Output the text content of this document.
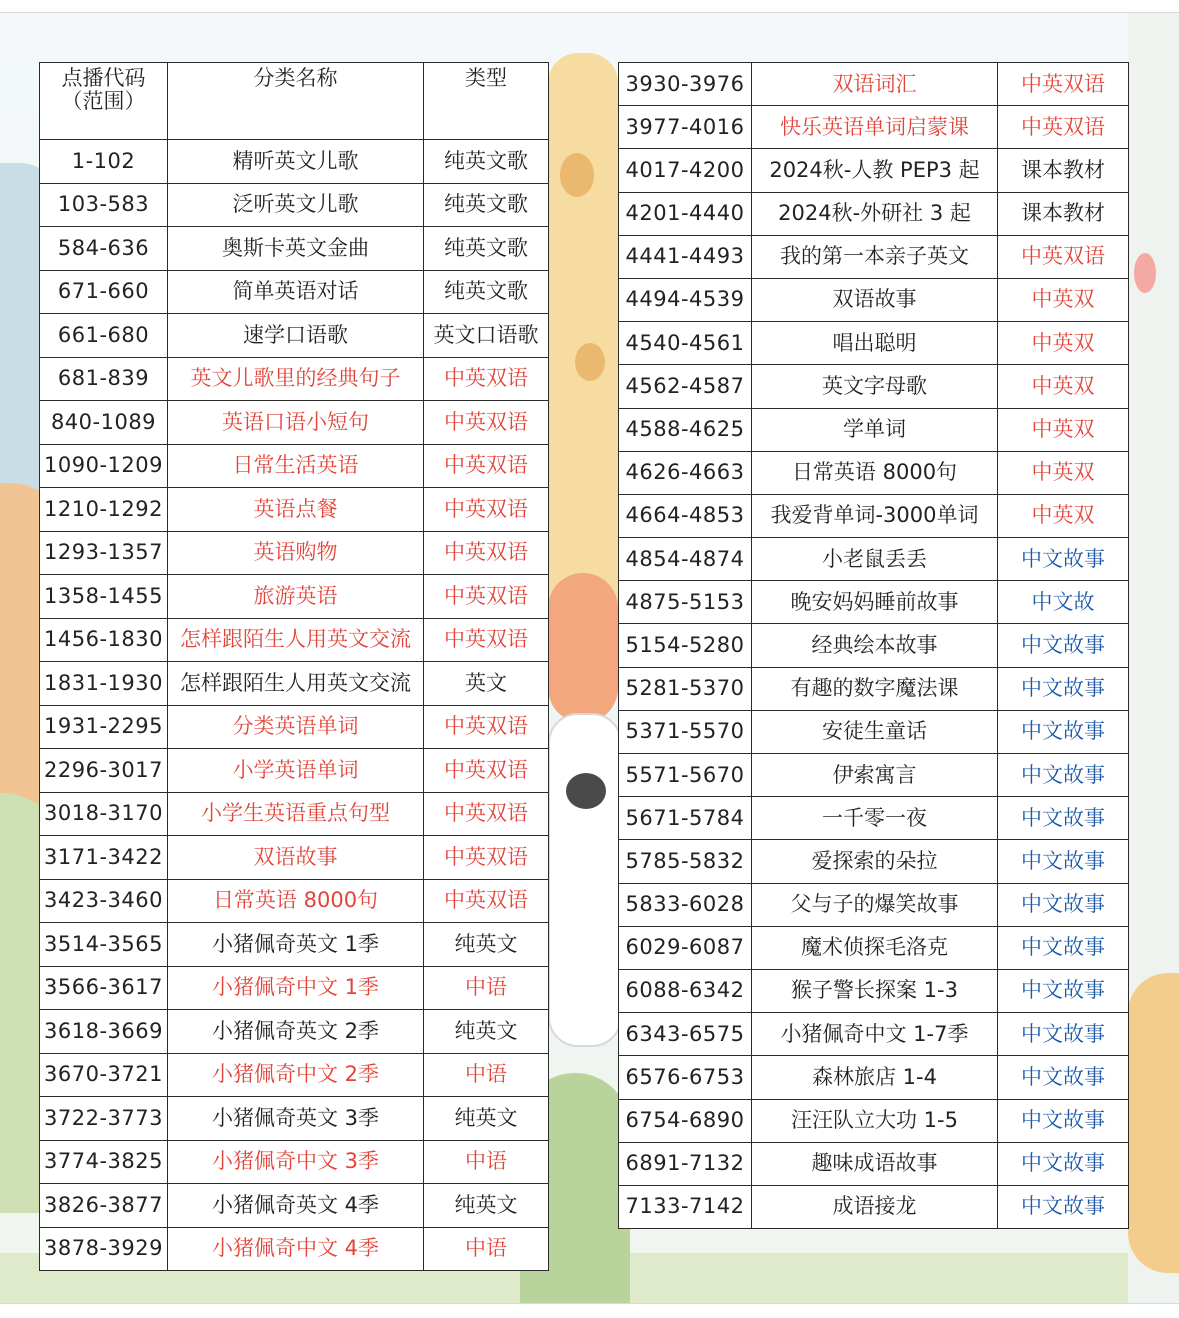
点播代码
（范围）	分类名称	类型
1-102	精听英文儿歌	纯英文歌
103-583	泛听英文儿歌	纯英文歌
584-636	奥斯卡英文金曲	纯英文歌
671-660	简单英语对话	纯英文歌
661-680	速学口语歌	英文口语歌
681-839	英文儿歌里的经典句子	中英双语
840-1089	英语口语小短句	中英双语
1090-1209	日常生活英语	中英双语
1210-1292	英语点餐	中英双语
1293-1357	英语购物	中英双语
1358-1455	旅游英语	中英双语
1456-1830	怎样跟陌生人用英文交流	中英双语
1831-1930	怎样跟陌生人用英文交流	英文
1931-2295	分类英语单词	中英双语
2296-3017	小学英语单词	中英双语
3018-3170	小学生英语重点句型	中英双语
3171-3422	双语故事	中英双语
3423-3460	日常英语 8000句	中英双语
3514-3565	小猪佩奇英文 1季	纯英文
3566-3617	小猪佩奇中文 1季	中语
3618-3669	小猪佩奇英文 2季	纯英文
3670-3721	小猪佩奇中文 2季	中语
3722-3773	小猪佩奇英文 3季	纯英文
3774-3825	小猪佩奇中文 3季	中语
3826-3877	小猪佩奇英文 4季	纯英文
3878-3929	小猪佩奇中文 4季	中语
3930-3976	双语词汇	中英双语
3977-4016	快乐英语单词启蒙课	中英双语
4017-4200	2024秋-人教 PEP3 起	课本教材
4201-4440	2024秋-外研社 3 起	课本教材
4441-4493	我的第一本亲子英文	中英双语
4494-4539	双语故事	中英双
4540-4561	唱出聪明	中英双
4562-4587	英文字母歌	中英双
4588-4625	学单词	中英双
4626-4663	日常英语 8000句	中英双
4664-4853	我爱背单词-3000单词	中英双
4854-4874	小老鼠丢丢	中文故事
4875-5153	晚安妈妈睡前故事	中文故
5154-5280	经典绘本故事	中文故事
5281-5370	有趣的数字魔法课	中文故事
5371-5570	安徒生童话	中文故事
5571-5670	伊索寓言	中文故事
5671-5784	一千零一夜	中文故事
5785-5832	爱探索的朵拉	中文故事
5833-6028	父与子的爆笑故事	中文故事
6029-6087	魔术侦探毛洛克	中文故事
6088-6342	猴子警长探案 1-3	中文故事
6343-6575	小猪佩奇中文 1-7季	中文故事
6576-6753	森林旅店 1-4	中文故事
6754-6890	汪汪队立大功 1-5	中文故事
6891-7132	趣味成语故事	中文故事
7133-7142	成语接龙	中文故事
